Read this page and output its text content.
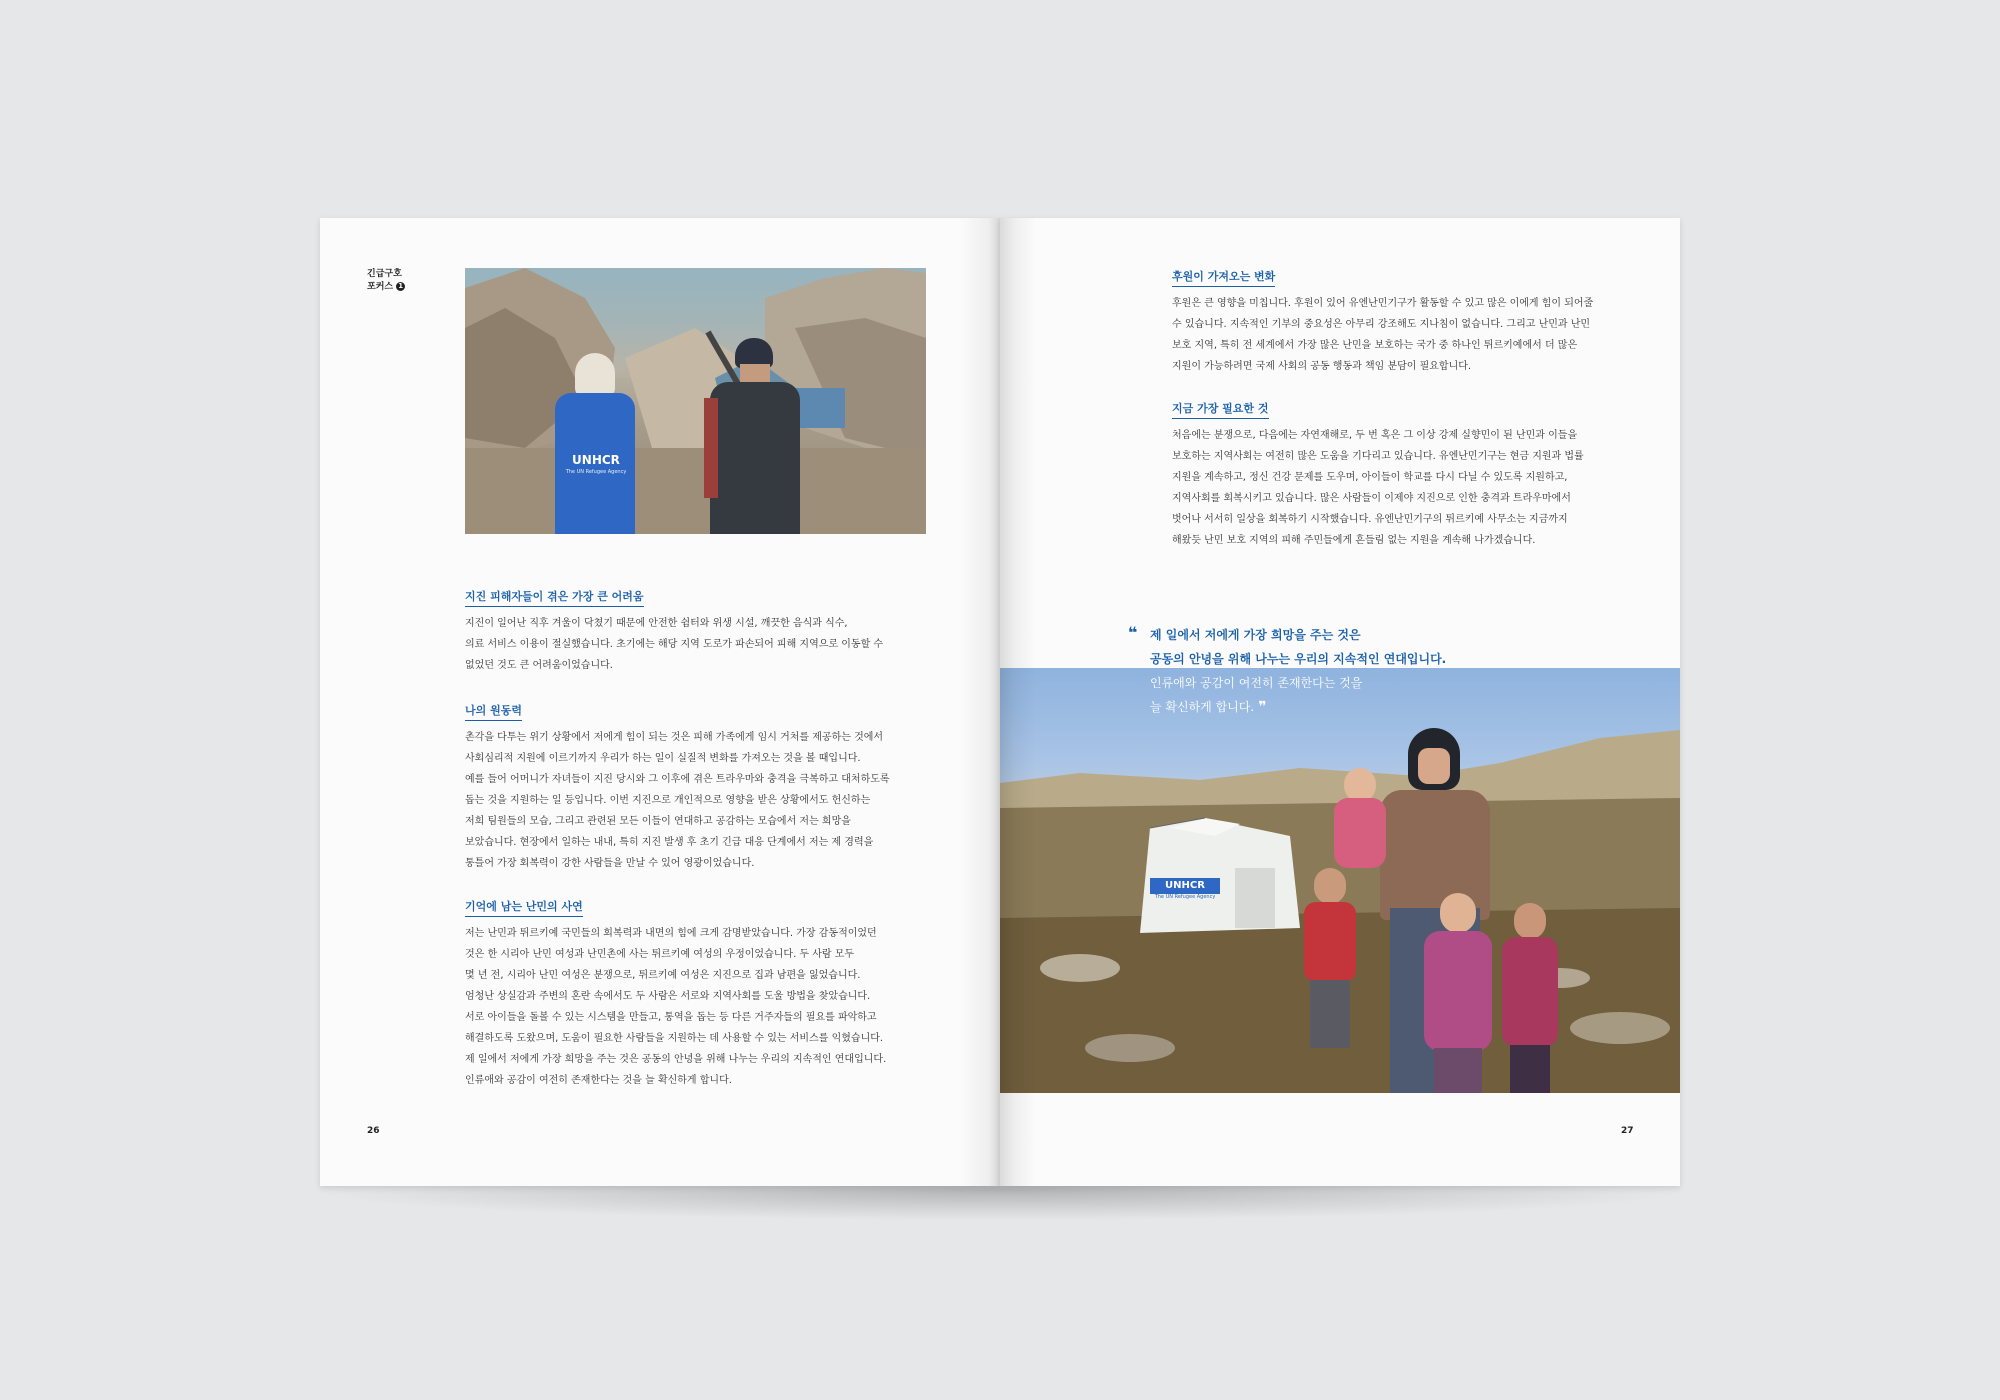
긴급구호
포커스 1
UNHCR
The UN Refugee Agency
지진 피해자들이 겪은 가장 큰 어려움
지진이 일어난 직후 겨울이 닥쳤기 때문에 안전한 쉼터와 위생 시설, 깨끗한 음식과 식수,
의료 서비스 이용이 절실했습니다. 초기에는 해당 지역 도로가 파손되어 피해 지역으로 이동할 수
없었던 것도 큰 어려움이었습니다.
나의 원동력
촌각을 다투는 위기 상황에서 저에게 힘이 되는 것은 피해 가족에게 임시 거처를 제공하는 것에서
사회심리적 지원에 이르기까지 우리가 하는 일이 실질적 변화를 가져오는 것을 볼 때입니다.
예를 들어 어머니가 자녀들이 지진 당시와 그 이후에 겪은 트라우마와 충격을 극복하고 대처하도록
돕는 것을 지원하는 일 등입니다. 이번 지진으로 개인적으로 영향을 받은 상황에서도 헌신하는
저희 팀원들의 모습, 그리고 관련된 모든 이들이 연대하고 공감하는 모습에서 저는 희망을
보았습니다. 현장에서 일하는 내내, 특히 지진 발생 후 초기 긴급 대응 단계에서 저는 제 경력을
통틀어 가장 회복력이 강한 사람들을 만날 수 있어 영광이었습니다.
기억에 남는 난민의 사연
저는 난민과 튀르키예 국민들의 회복력과 내면의 힘에 크게 감명받았습니다. 가장 감동적이었던
것은 한 시리아 난민 여성과 난민촌에 사는 튀르키예 여성의 우정이었습니다. 두 사람 모두
몇 년 전, 시리아 난민 여성은 분쟁으로, 튀르키예 여성은 지진으로 집과 남편을 잃었습니다.
엄청난 상실감과 주변의 혼란 속에서도 두 사람은 서로와 지역사회를 도울 방법을 찾았습니다.
서로 아이들을 돌볼 수 있는 시스템을 만들고, 통역을 돕는 등 다른 거주자들의 필요를 파악하고
해결하도록 도왔으며, 도움이 필요한 사람들을 지원하는 데 사용할 수 있는 서비스를 익혔습니다.
제 일에서 저에게 가장 희망을 주는 것은 공동의 안녕을 위해 나누는 우리의 지속적인 연대입니다.
인류애와 공감이 여전히 존재한다는 것을 늘 확신하게 합니다.
26
후원이 가져오는 변화
후원은 큰 영향을 미칩니다. 후원이 있어 유엔난민기구가 활동할 수 있고 많은 이에게 힘이 되어줄
수 있습니다. 지속적인 기부의 중요성은 아무리 강조해도 지나침이 없습니다. 그리고 난민과 난민
보호 지역, 특히 전 세계에서 가장 많은 난민을 보호하는 국가 중 하나인 튀르키예에서 더 많은
지원이 가능하려면 국제 사회의 공동 행동과 책임 분담이 필요합니다.
지금 가장 필요한 것
처음에는 분쟁으로, 다음에는 자연재해로, 두 번 혹은 그 이상 강제 실향민이 된 난민과 이들을
보호하는 지역사회는 여전히 많은 도움을 기다리고 있습니다. 유엔난민기구는 현금 지원과 법률
지원을 계속하고, 정신 건강 문제를 도우며, 아이들이 학교를 다시 다닐 수 있도록 지원하고,
지역사회를 회복시키고 있습니다. 많은 사람들이 이제야 지진으로 인한 충격과 트라우마에서
벗어나 서서히 일상을 회복하기 시작했습니다. 유엔난민기구의 튀르키예 사무소는 지금까지
해왔듯 난민 보호 지역의 피해 주민들에게 흔들림 없는 지원을 계속해 나가겠습니다.
UNHCR
The UN Refugee Agency
❝ 제 일에서 저에게 가장 희망을 주는 것은
공동의 안녕을 위해 나누는 우리의 지속적인 연대입니다.
인류애와 공감이 여전히 존재한다는 것을
늘 확신하게 합니다. ❞
27
